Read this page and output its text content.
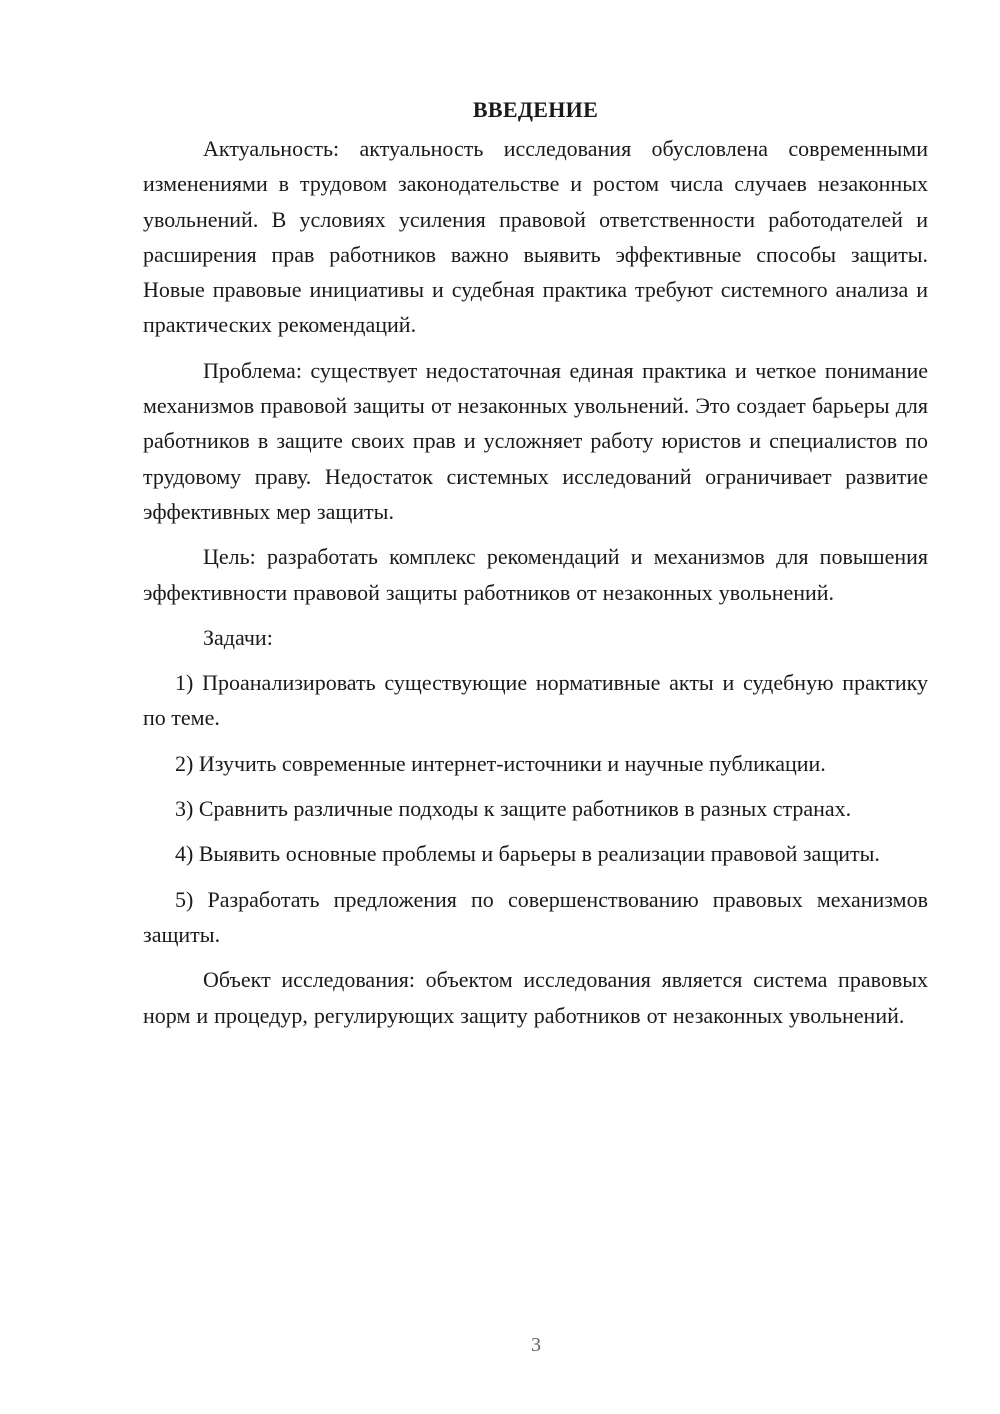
ВВЕДЕНИЕ

Актуальность: актуальность исследования обусловлена современными изменениями в трудовом законодательстве и ростом числа случаев незаконных увольнений. В условиях усиления правовой ответственности работодателей и расширения прав работников важно выявить эффективные способы защиты. Новые правовые инициативы и судебная практика требуют системного анализа и практических рекомендаций.

Проблема: существует недостаточная единая практика и четкое понимание механизмов правовой защиты от незаконных увольнений. Это создает барьеры для работников в защите своих прав и усложняет работу юристов и специалистов по трудовому праву. Недостаток системных исследований ограничивает развитие эффективных мер защиты.

Цель: разработать комплекс рекомендаций и механизмов для повышения эффективности правовой защиты работников от незаконных увольнений.

Задачи:

1) Проанализировать существующие нормативные акты и судебную практику по теме.

2) Изучить современные интернет-источники и научные публикации.

3) Сравнить различные подходы к защите работников в разных странах.

4) Выявить основные проблемы и барьеры в реализации правовой защиты.

5) Разработать предложения по совершенствованию правовых механизмов защиты.

Объект исследования: объектом исследования является система правовых норм и процедур, регулирующих защиту работников от незаконных увольнений.

3
